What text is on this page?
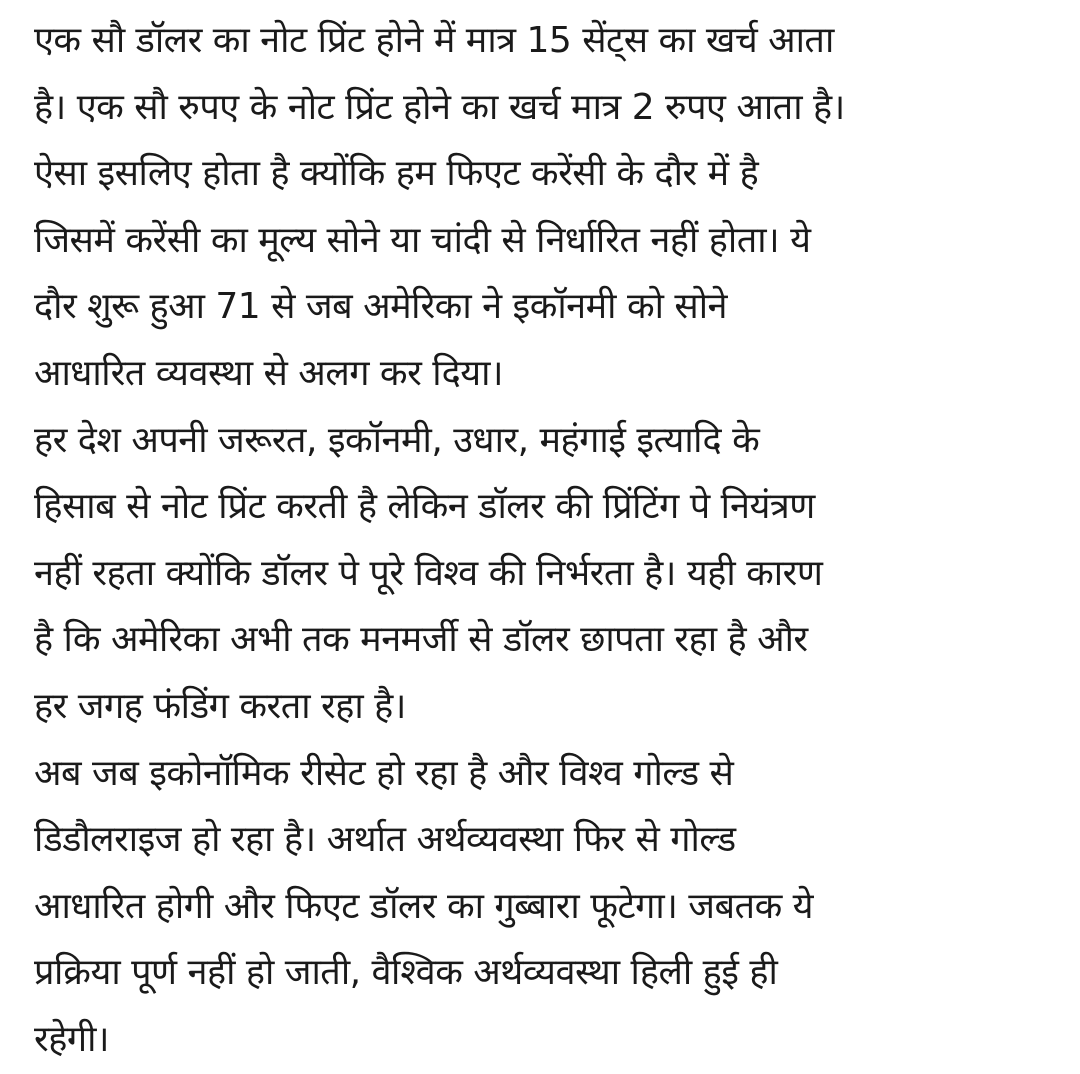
एक सौ डॉलर का नोट प्रिंट होने में मात्र 15 सेंट्स का खर्च आता
है। एक सौ रुपए के नोट प्रिंट होने का खर्च मात्र 2 रुपए आता है।
ऐसा इसलिए होता है क्योंकि हम फिएट करेंसी के दौर में है
जिसमें करेंसी का मूल्य सोने या चांदी से निर्धारित नहीं होता। ये
दौर शुरू हुआ 71 से जब अमेरिका ने इकॉनमी को सोने
आधारित व्यवस्था से अलग कर दिया।
हर देश अपनी जरूरत, इकॉनमी, उधार, महंगाई इत्यादि के
हिसाब से नोट प्रिंट करती है लेकिन डॉलर की प्रिंटिंग पे नियंत्रण
नहीं रहता क्योंकि डॉलर पे पूरे विश्व की निर्भरता है। यही कारण
है कि अमेरिका अभी तक मनमर्जी से डॉलर छापता रहा है और
हर जगह फंडिंग करता रहा है।
अब जब इकोनॉमिक रीसेट हो रहा है और विश्व गोल्ड से
डिडौलराइज हो रहा है। अर्थात अर्थव्यवस्था फिर से गोल्ड
आधारित होगी और फिएट डॉलर का गुब्बारा फूटेगा। जबतक ये
प्रक्रिया पूर्ण नहीं हो जाती, वैश्विक अर्थव्यवस्था हिली हुई ही
रहेगी।
